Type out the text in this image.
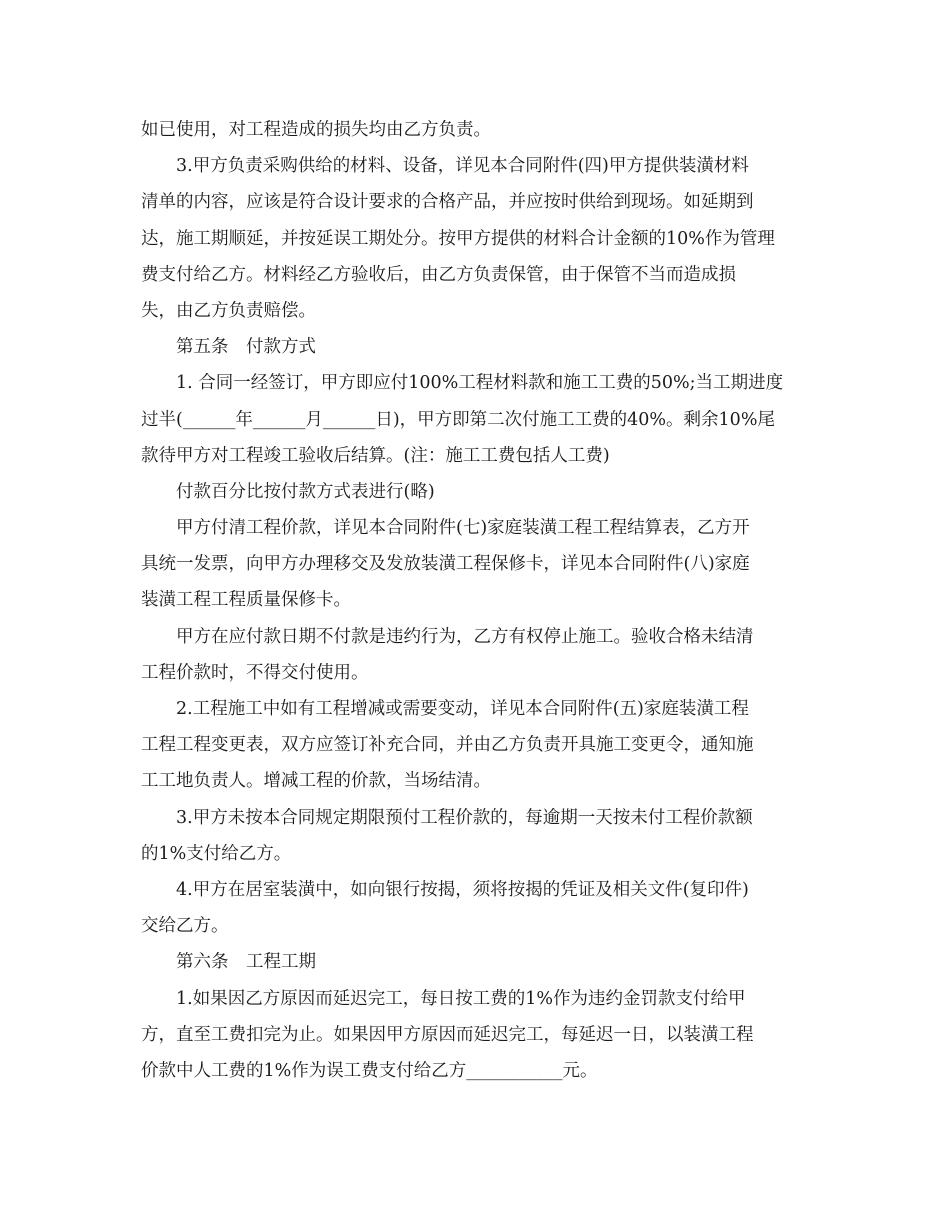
如已使用，对工程造成的损失均由乙方负责。
3.甲方负责采购供给的材料、设备，详见本合同附件(四)甲方提供装潢材料
清单的内容，应该是符合设计要求的合格产品，并应按时供给到现场。如延期到
达，施工期顺延，并按延误工期处分。按甲方提供的材料合计金额的10%作为管理
费支付给乙方。材料经乙方验收后，由乙方负责保管，由于保管不当而造成损
失，由乙方负责赔偿。
第五条　付款方式
1. 合同一经签订，甲方即应付100%工程材料款和施工工费的50%;当工期进度
过半(______年______月______日)，甲方即第二次付施工工费的40%。剩余10%尾
款待甲方对工程竣工验收后结算。(注：施工工费包括人工费)
付款百分比按付款方式表进行(略)
甲方付清工程价款，详见本合同附件(七)家庭装潢工程工程结算表，乙方开
具统一发票，向甲方办理移交及发放装潢工程保修卡，详见本合同附件(八)家庭
装潢工程工程质量保修卡。
甲方在应付款日期不付款是违约行为，乙方有权停止施工。验收合格未结清
工程价款时，不得交付使用。
2.工程施工中如有工程增减或需要变动，详见本合同附件(五)家庭装潢工程
工程工程变更表，双方应签订补充合同，并由乙方负责开具施工变更令，通知施
工工地负责人。增减工程的价款，当场结清。
3.甲方未按本合同规定期限预付工程价款的，每逾期一天按未付工程价款额
的1%支付给乙方。
4.甲方在居室装潢中，如向银行按揭，须将按揭的凭证及相关文件(复印件)
交给乙方。
第六条　工程工期
1.如果因乙方原因而延迟完工，每日按工费的1%作为违约金罚款支付给甲
方，直至工费扣完为止。如果因甲方原因而延迟完工，每延迟一日，以装潢工程
价款中人工费的1%作为误工费支付给乙方___________元。
